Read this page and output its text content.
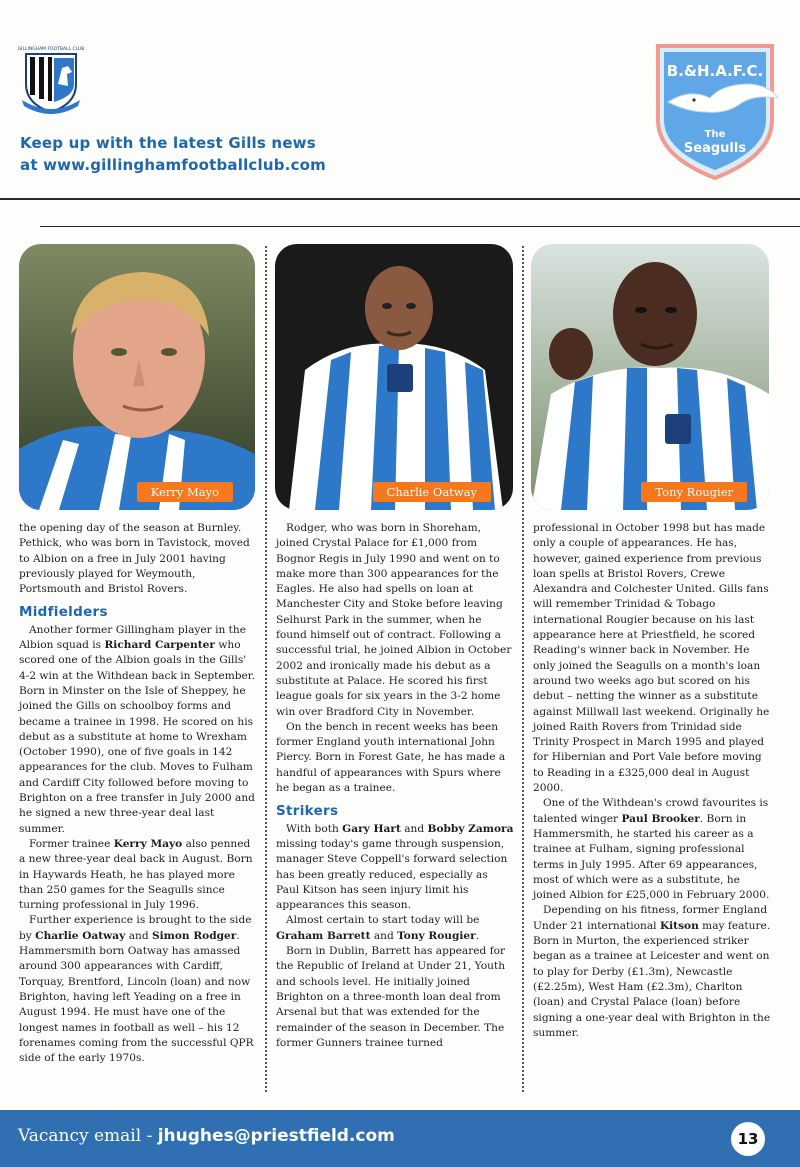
GILLINGHAM FOOTBALL CLUB
Keep up with the latest Gills news
at www.gillinghamfootballclub.com
B.&H.A.F.C.
The
Seagulls
Kerry Mayo	Charlie Oatway	Tony Rougier

the opening day of the season at Burnley. Pethick, who was born in Tavistock, moved to Albion on a free in July 2001 having previously played for Weymouth, Portsmouth and Bristol Rovers.

Midfielders

Another former Gillingham player in the Albion squad is Richard Carpenter who scored one of the Albion goals in the Gills' 4-2 win at the Withdean back in September. Born in Minster on the Isle of Sheppey, he joined the Gills on schoolboy forms and became a trainee in 1998. He scored on his debut as a substitute at home to Wrexham (October 1990), one of five goals in 142 appearances for the club. Moves to Fulham and Cardiff City followed before moving to Brighton on a free transfer in July 2000 and he signed a new three-year deal last summer.

Former trainee Kerry Mayo also penned a new three-year deal back in August. Born in Haywards Heath, he has played more than 250 games for the Seagulls since turning professional in July 1996.

Further experience is brought to the side by Charlie Oatway and Simon Rodger. Hammersmith born Oatway has amassed around 300 appearances with Cardiff, Torquay, Brentford, Lincoln (loan) and now Brighton, having left Yeading on a free in August 1994. He must have one of the longest names in football as well – his 12 forenames coming from the successful QPR side of the early 1970s.

Rodger, who was born in Shoreham, joined Crystal Palace for £1,000 from Bognor Regis in July 1990 and went on to make more than 300 appearances for the Eagles. He also had spells on loan at Manchester City and Stoke before leaving Selhurst Park in the summer, when he found himself out of contract. Following a successful trial, he joined Albion in October 2002 and ironically made his debut as a substitute at Palace. He scored his first league goals for six years in the 3-2 home win over Bradford City in November.

On the bench in recent weeks has been former England youth international John Piercy. Born in Forest Gate, he has made a handful of appearances with Spurs where he began as a trainee.

Strikers

With both Gary Hart and Bobby Zamora missing today's game through suspension, manager Steve Coppell's forward selection has been greatly reduced, especially as Paul Kitson has seen injury limit his appearances this season.

Almost certain to start today will be Graham Barrett and Tony Rougier.

Born in Dublin, Barrett has appeared for the Republic of Ireland at Under 21, Youth and schools level. He initially joined Brighton on a three-month loan deal from Arsenal but that was extended for the remainder of the season in December. The former Gunners trainee turned

professional in October 1998 but has made only a couple of appearances. He has, however, gained experience from previous loan spells at Bristol Rovers, Crewe Alexandra and Colchester United. Gills fans will remember Trinidad & Tobago international Rougier because on his last appearance here at Priestfield, he scored Reading's winner back in November. He only joined the Seagulls on a month's loan around two weeks ago but scored on his debut – netting the winner as a substitute against Millwall last weekend. Originally he joined Raith Rovers from Trinidad side Trinity Prospect in March 1995 and played for Hibernian and Port Vale before moving to Reading in a £325,000 deal in August 2000.

One of the Withdean's crowd favourites is talented winger Paul Brooker. Born in Hammersmith, he started his career as a trainee at Fulham, signing professional terms in July 1995. After 69 appearances, most of which were as a substitute, he joined Albion for £25,000 in February 2000.

Depending on his fitness, former England Under 21 international Kitson may feature. Born in Murton, the experienced striker began as a trainee at Leicester and went on to play for Derby (£1.3m), Newcastle (£2.25m), West Ham (£2.3m), Charlton (loan) and Crystal Palace (loan) before signing a one-year deal with Brighton in the summer.

Vacancy email - jhughes@priestfield.com	13
